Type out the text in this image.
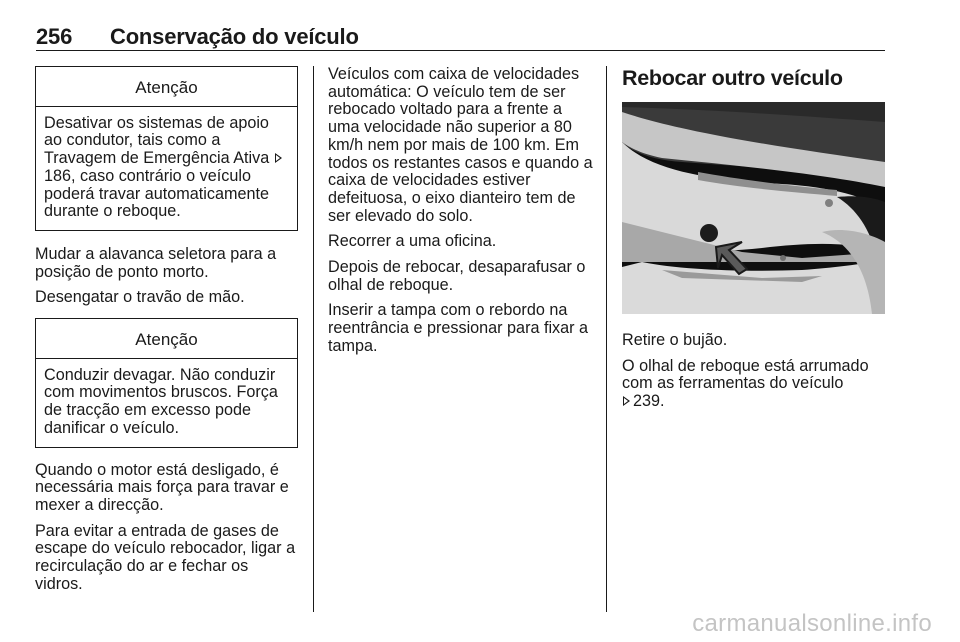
256 Conservação do veículo
Atenção
Desativar os sistemas de apoio ao condutor, tais como a Travagem de Emergência Ativa 186, caso contrário o veículo poderá travar automaticamente durante o reboque.

Mudar a alavanca seletora para a posição de ponto morto.

Desengatar o travão de mão.

Atenção
Conduzir devagar. Não conduzir com movimentos bruscos. Força de tracção em excesso pode danificar o veículo.

Quando o motor está desligado, é necessária mais força para travar e mexer a direcção.

Para evitar a entrada de gases de escape do veículo rebocador, ligar a recirculação do ar e fechar os vidros.

Veículos com caixa de velocidades automática: O veículo tem de ser rebocado voltado para a frente a uma velocidade não superior a 80 km/h nem por mais de 100 km. Em todos os restantes casos e quando a caixa de velocidades estiver defeituosa, o eixo dianteiro tem de ser elevado do solo.

Recorrer a uma oficina.

Depois de rebocar, desaparafusar o olhal de reboque.

Inserir a tampa com o rebordo na reentrância e pressionar para fixar a tampa.

Rebocar outro veículo

Retire o bujão.

O olhal de reboque está arrumado com as ferramentas do veículo
239.

carmanualsonline.info
